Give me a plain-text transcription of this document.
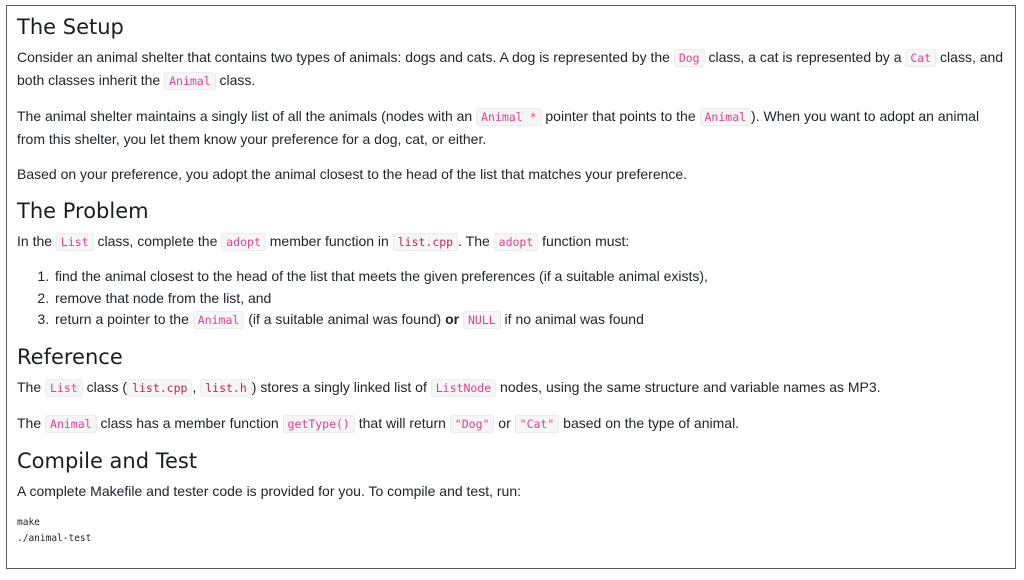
The Setup

Consider an animal shelter that contains two types of animals: dogs and cats. A dog is represented by the Dog class, a cat is represented by a Cat class, and both classes inherit the Animal class.

The animal shelter maintains a singly list of all the animals (nodes with an Animal * pointer that points to the Animal ). When you want to adopt an animal from this shelter, you let them know your preference for a dog, cat, or either.

Based on your preference, you adopt the animal closest to the head of the list that matches your preference.

The Problem

In the List class, complete the adopt member function in list.cpp . The adopt function must:

1. find the animal closest to the head of the list that meets the given preferences (if a suitable animal exists),
2. remove that node from the list, and
3. return a pointer to the Animal (if a suitable animal was found) or NULL if no animal was found
Reference

The List class ( list.cpp , list.h ) stores a singly linked list of ListNode nodes, using the same structure and variable names as MP3.

The Animal class has a member function getType() that will return "Dog" or "Cat" based on the type of animal.

Compile and Test

A complete Makefile and tester code is provided for you. To compile and test, run:

make
./animal-test
